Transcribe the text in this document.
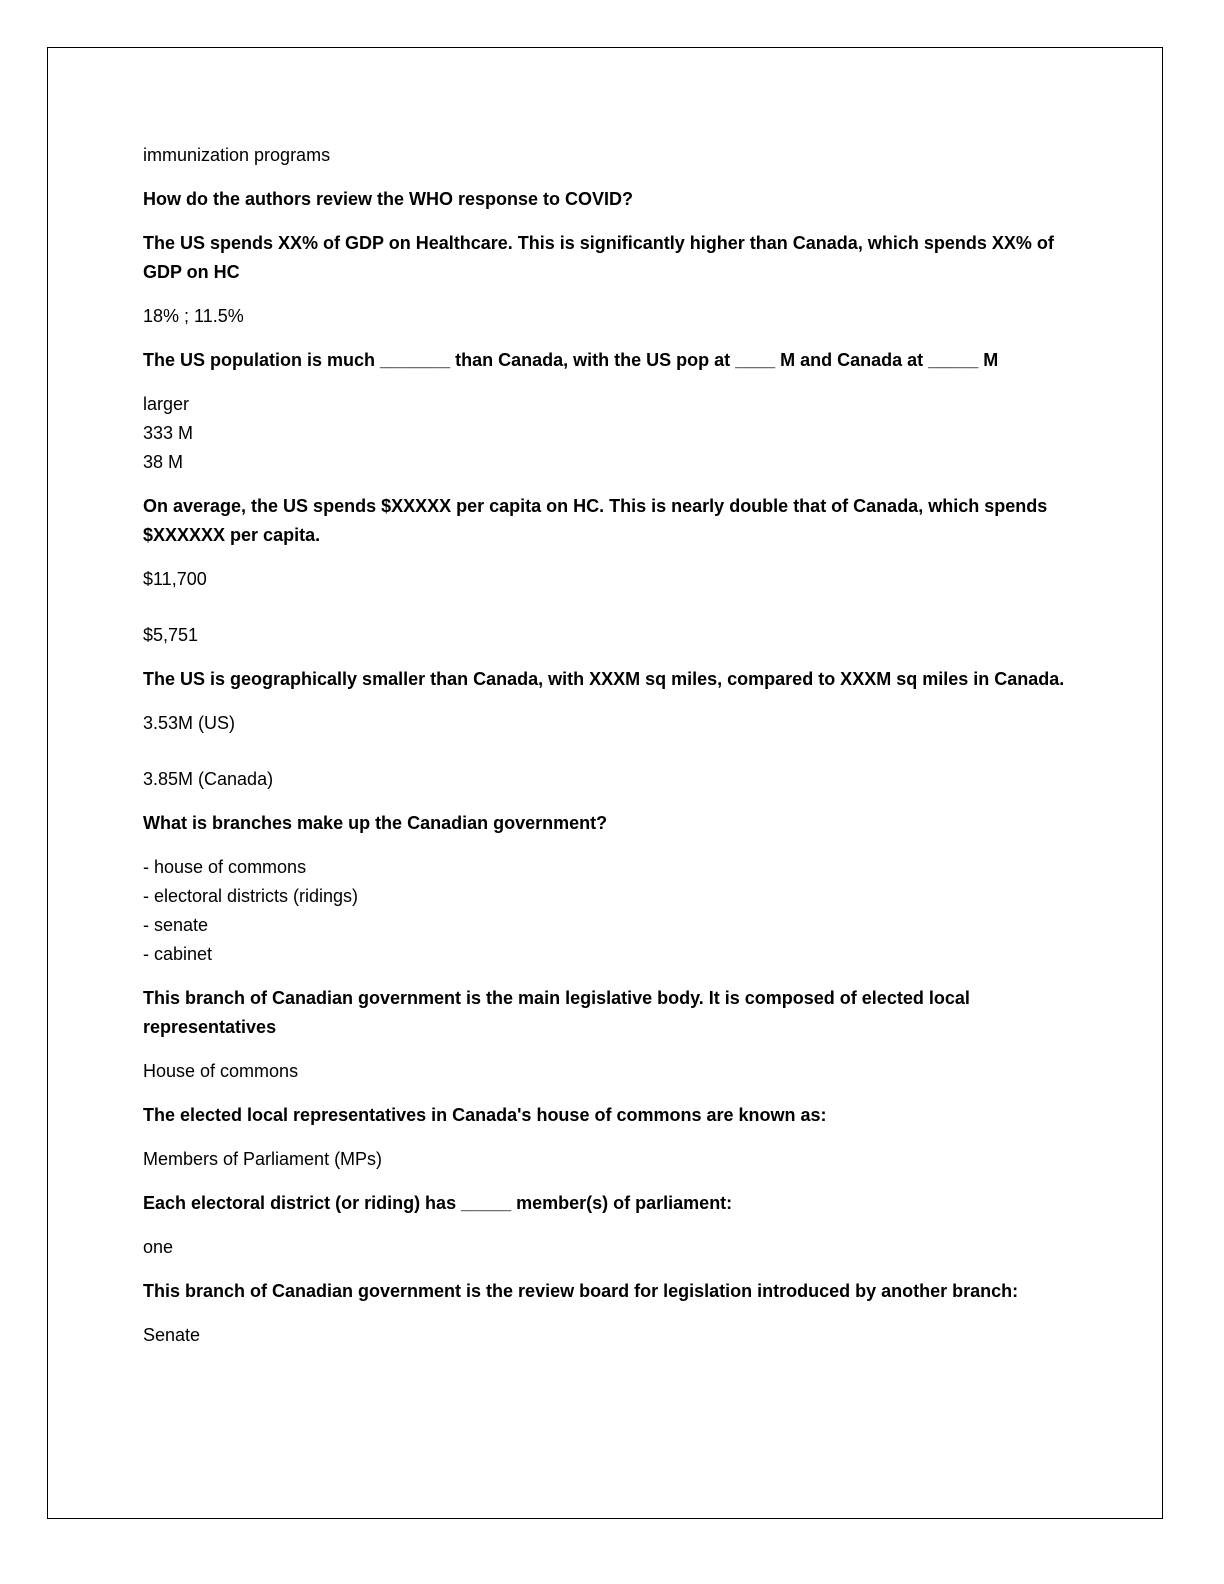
immunization programs

How do the authors review the WHO response to COVID?

The US spends XX% of GDP on Healthcare. This is significantly higher than Canada, which spends XX% of GDP on HC

18% ; 11.5%

The US population is much _______ than Canada, with the US pop at ____ M and Canada at _____ M

larger
333 M
38 M

On average, the US spends $XXXXX per capita on HC. This is nearly double that of Canada, which spends $XXXXXX per capita.

$11,700

$5,751

The US is geographically smaller than Canada, with XXXM sq miles, compared to XXXM sq miles in Canada.

3.53M (US)

3.85M (Canada)

What is branches make up the Canadian government?

- house of commons
- electoral districts (ridings)
- senate
- cabinet

This branch of Canadian government is the main legislative body. It is composed of elected local representatives

House of commons

The elected local representatives in Canada's house of commons are known as:

Members of Parliament (MPs)

Each electoral district (or riding) has _____ member(s) of parliament:

one

This branch of Canadian government is the review board for legislation introduced by another branch:

Senate
